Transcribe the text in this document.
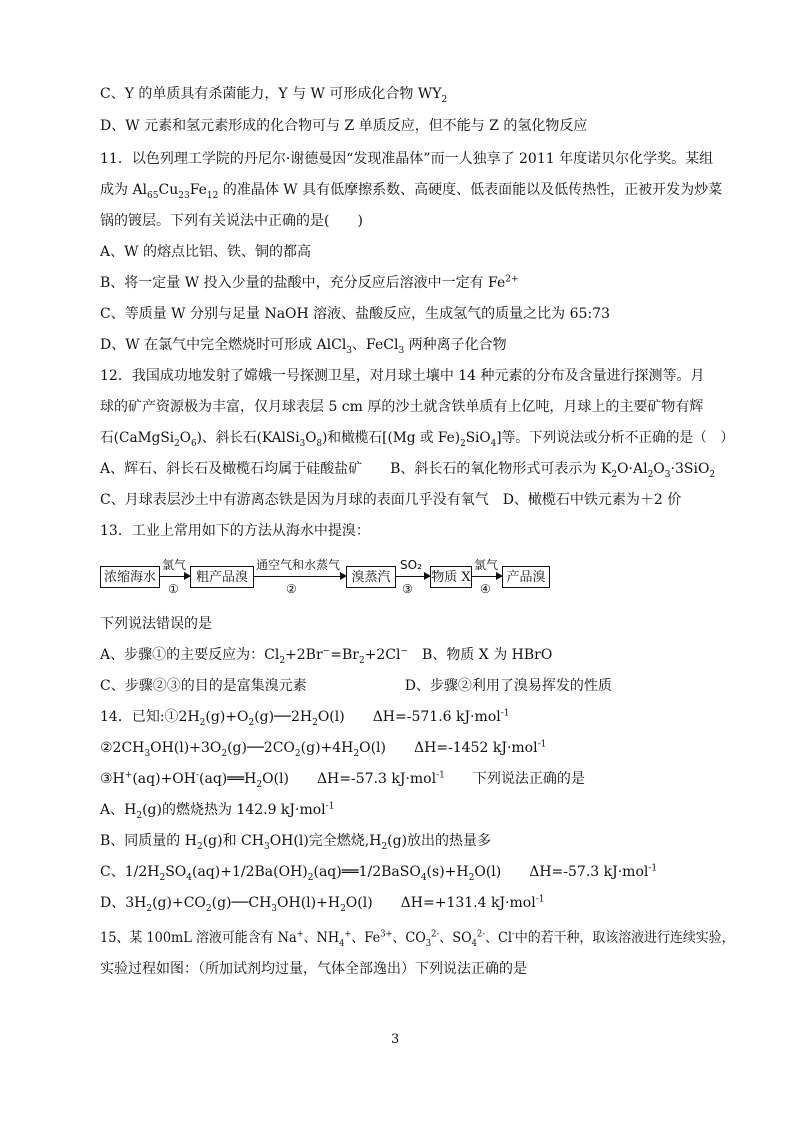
C、Y 的单质具有杀菌能力，Y 与 W 可形成化合物 $WY_2$
D、W 元素和氢元素形成的化合物可与 Z 单质反应，但不能与 Z 的氢化物反应
11．以色列理工学院的丹尼尔·谢德曼因“发现准晶体”而一人独享了 2011 年度诺贝尔化学奖。某组
成为 $Al_{65}Cu_{23}Fe_{12}$ 的准晶体 W 具有低摩擦系数、高硬度、低表面能以及低传热性，正被开发为炒菜
锅的镀层。下列有关说法中正确的是(　　)
A、W 的熔点比铝、铁、铜的都高
B、将一定量 W 投入少量的盐酸中，充分反应后溶液中一定有 $Fe^{2+}$
C、等质量 W 分别与足量 NaOH 溶液、盐酸反应，生成氢气的质量之比为 65:73
D、W 在氯气中完全燃烧时可形成 AlCl$_3$、FeCl$_3$ 两种离子化合物
12．我国成功地发射了嫦娥一号探测卫星，对月球土壤中 14 种元素的分布及含量进行探测等。月
球的矿产资源极为丰富，仅月球表层 5 cm 厚的沙土就含铁单质有上亿吨，月球上的主要矿物有辉
石$(CaMgSi_2O_6)$、斜长石$(KAlSi_3O_8)$和橄榄石[(Mg 或 $Fe)_2SiO_4$]等。下列说法或分析不正确的是（　）
A、辉石、斜长石及橄榄石均属于硅酸盐矿　　B、斜长石的氧化物形式可表示为 $K_2O\cdot Al_2O_3\cdot 3SiO_2$
C、月球表层沙土中有游离态铁是因为月球的表面几乎没有氧气　D、橄榄石中铁元素为＋2 价
13．工业上常用如下的方法从海水中提溴：
浓缩海水
氯气
①
粗产品溴
通空气和水蒸气
②
溴蒸汽
SO₂
③
物质 X
氯气
④
产品溴
下列说法错误的是
A、步骤①的主要反应为：$Cl_2+2Br^-=Br_2+2Cl^-$　B、物质 X 为 HBrO
C、步骤②③的目的是富集溴元素　　　　　　　D、步骤②利用了溴易挥发的性质
14．已知$:①2H_2(g)+O_2(g)──2H_2O(l)$　　ΔH=-571.6 kJ·mol$^{-1}$
$②2CH_3OH(l)+3O_2(g)──2CO_2(g)+4H_2O(l)$　　ΔH=-1452 kJ·mol$^{-1}$
$③H^+(aq)+OH^-(aq)══H_2O(l)$　　ΔH=-57.3 kJ·mol$^{-1}$　　下列说法正确的是
A、$H_2(g)$的燃烧热为 142.9 kJ·mol$^{-1}$
B、同质量的 $H_2(g)$和 $CH_3OH(l)$完全燃烧$,H_2(g)$放出的热量多
C、$1/2H_2SO_4(aq)+1/2Ba(OH)_2(aq)══1/2BaSO_4(s)+H_2O(l)$　　ΔH=-57.3 kJ·mol$^{-1}$
D、$3H_2(g)+CO_2(g)──CH_3OH(l)+H_2O(l)$　　ΔH=+131.4 kJ·mol$^{-1}$
15、某 100mL 溶液可能含有 Na+、$NH_4^+$、$Fe^{3+}$、$CO_3^{2-}$、$SO_4^{2-}$、Cl-中的若干种，取该溶液进行连续实验，
实验过程如图：（所加试剂均过量，气体全部逸出）下列说法正确的是
3
